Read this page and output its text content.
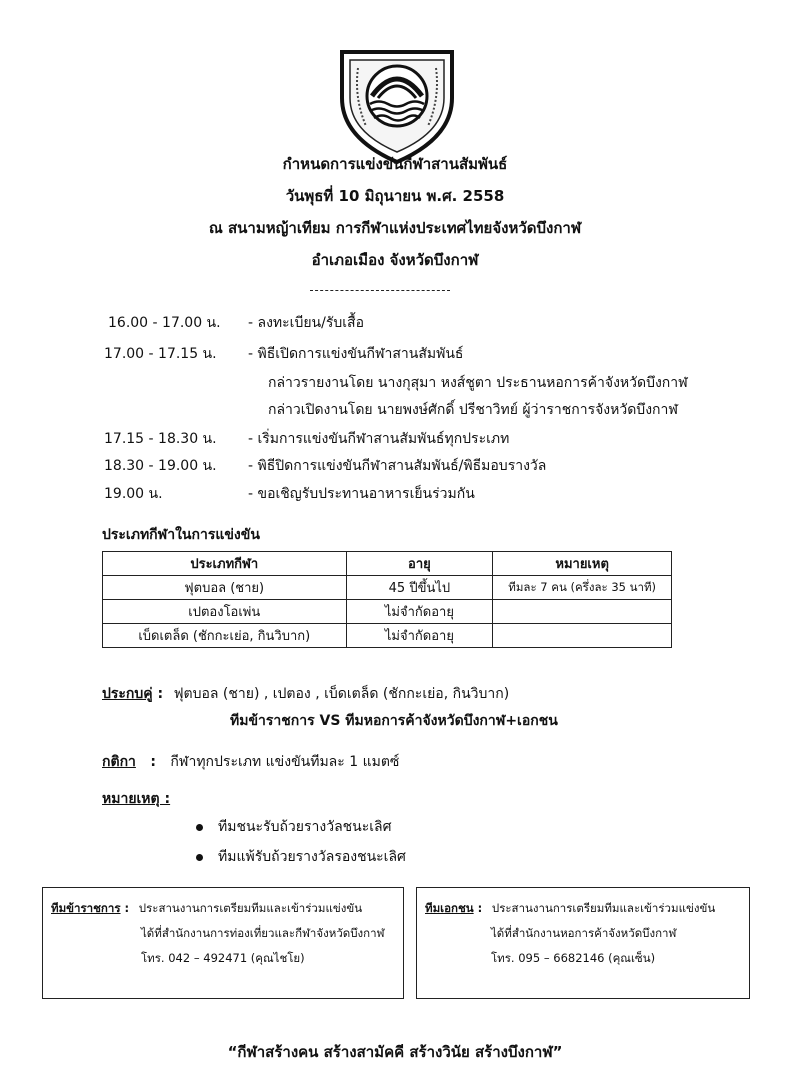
กำหนดการแข่งขันกีฬาสานสัมพันธ์
วันพุธที่ 10 มิถุนายน พ.ศ. 2558
ณ สนามหญ้าเทียม การกีฬาแห่งประเทศไทยจังหวัดบึงกาฬ
อำเภอเมือง จังหวัดบึงกาฬ
16.00 - 17.00 น. - ลงทะเบียน/รับเสื้อ
17.00 - 17.15 น. - พิธีเปิดการแข่งขันกีฬาสานสัมพันธ์
กล่าวรายงานโดย นางกุสุมา หงส์ชูตา ประธานหอการค้าจังหวัดบึงกาฬ
กล่าวเปิดงานโดย นายพงษ์ศักดิ์ ปรีชาวิทย์ ผู้ว่าราชการจังหวัดบึงกาฬ
17.15 - 18.30 น. - เริ่มการแข่งขันกีฬาสานสัมพันธ์ทุกประเภท
18.30 - 19.00 น. - พิธีปิดการแข่งขันกีฬาสานสัมพันธ์/พิธีมอบรางวัล
19.00 น.	- ขอเชิญรับประทานอาหารเย็นร่วมกัน
ประเภทกีฬาในการแข่งขัน
ประเภทกีฬา	อายุ	หมายเหตุ
ฟุตบอล (ชาย)	45 ปีขึ้นไป	ทีมละ 7 คน (ครึ่งละ 35 นาที)
เปตองโอเพ่น	ไม่จำกัดอายุ	
เบ็ดเตล็ด (ชักกะเย่อ, กินวิบาก)	ไม่จำกัดอายุ	
ประกบคู่ : ฟุตบอล (ชาย) , เปตอง , เบ็ดเตล็ด (ชักกะเย่อ, กินวิบาก)
ทีมข้าราชการ VS ทีมหอการค้าจังหวัดบึงกาฬ+เอกชน
กติกา : กีฬาทุกประเภท แข่งขันทีมละ 1 แมตซ์
หมายเหตุ :
ทีมชนะรับถ้วยรางวัลชนะเลิศ
ทีมแพ้รับถ้วยรางวัลรองชนะเลิศ
ทีมข้าราชการ : ประสานงานการเตรียมทีมและเข้าร่วมแข่งขัน
ได้ที่สำนักงานการท่องเที่ยวและกีฬาจังหวัดบึงกาฬ
โทร. 042 – 492471 (คุณไชโย)
ทีมเอกชน : ประสานงานการเตรียมทีมและเข้าร่วมแข่งขัน
ได้ที่สำนักงานหอการค้าจังหวัดบึงกาฬ
โทร. 095 – 6682146 (คุณเซ็น)
“กีฬาสร้างคน สร้างสามัคคี สร้างวินัย สร้างบึงกาฬ”
